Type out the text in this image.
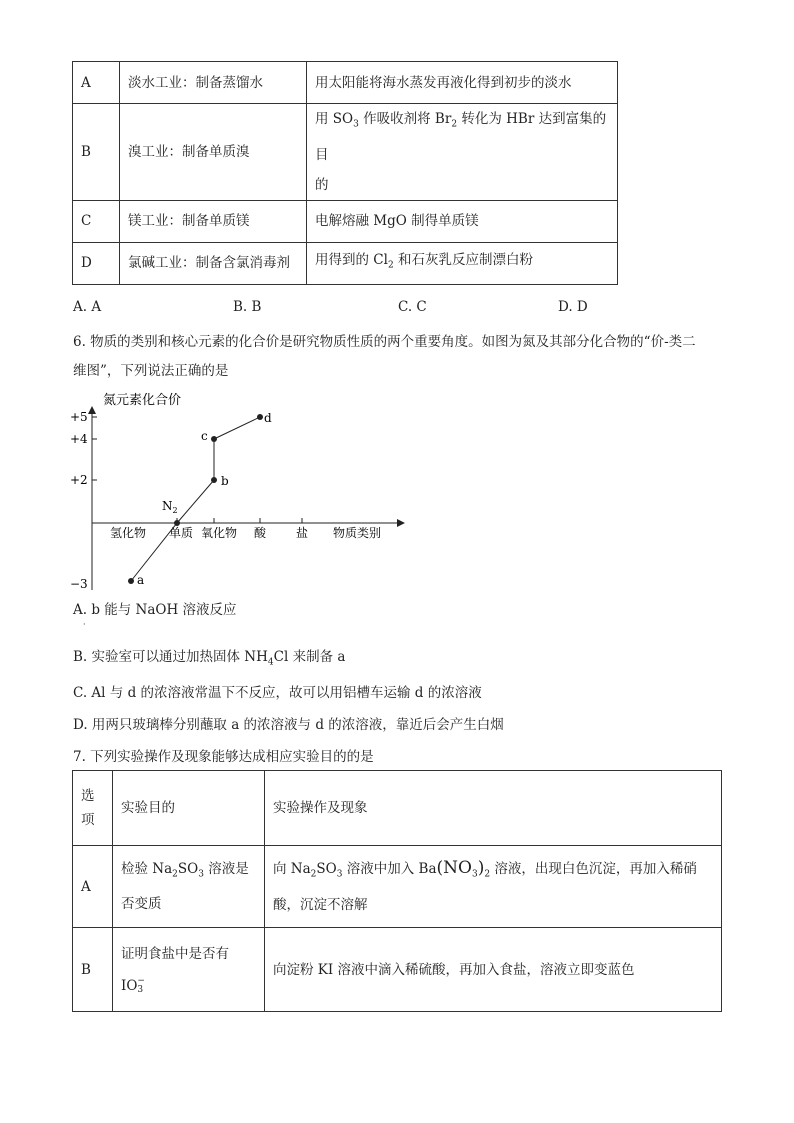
A	淡水工业：制备蒸馏水	用太阳能将海水蒸发再液化得到初步的淡水
B	溴工业：制备单质溴	用 $SO_3$ 作吸收剂将 $Br_2$ 转化为 HBr 达到富集的目
的
C	镁工业：制备单质镁	电解熔融 MgO 制得单质镁
D	氯碱工业：制备含氯消毒剂	用得到的 $Cl_2$ 和石灰乳反应制漂白粉
A. A	B. B	C. C	D. D
6. 物质的类别和核心元素的化合价是研究物质性质的两个重要角度。如图为氮及其部分化合物的“价-类二
维图”，下列说法正确的是
氮元素化合价
+5
+4
+2
−3
氢化物 单质 氧化物 酸 盐 物质类别
a
b
c
d
$N_2$
A. b 能与 NaOH 溶液反应
·
B. 实验室可以通过加热固体 $NH_4Cl$ 来制备 a
C. Al 与 d 的浓溶液常温下不反应，故可以用铝槽车运输 d 的浓溶液
D. 用两只玻璃棒分别蘸取 a 的浓溶液与 d 的浓溶液，靠近后会产生白烟
7. 下列实验操作及现象能够达成相应实验目的的是
选
项	实验目的	实验操作及现象
A	检验 $Na_2SO_3$ 溶液是
否变质	向 $Na_2SO_3$ 溶液中加入 $Ba(NO_3)_2$ 溶液，出现白色沉淀，再加入稀硝
酸，沉淀不溶解
B	证明食盐中是否有
IO−
3	向淀粉 KI 溶液中滴入稀硫酸，再加入食盐，溶液立即变蓝色
